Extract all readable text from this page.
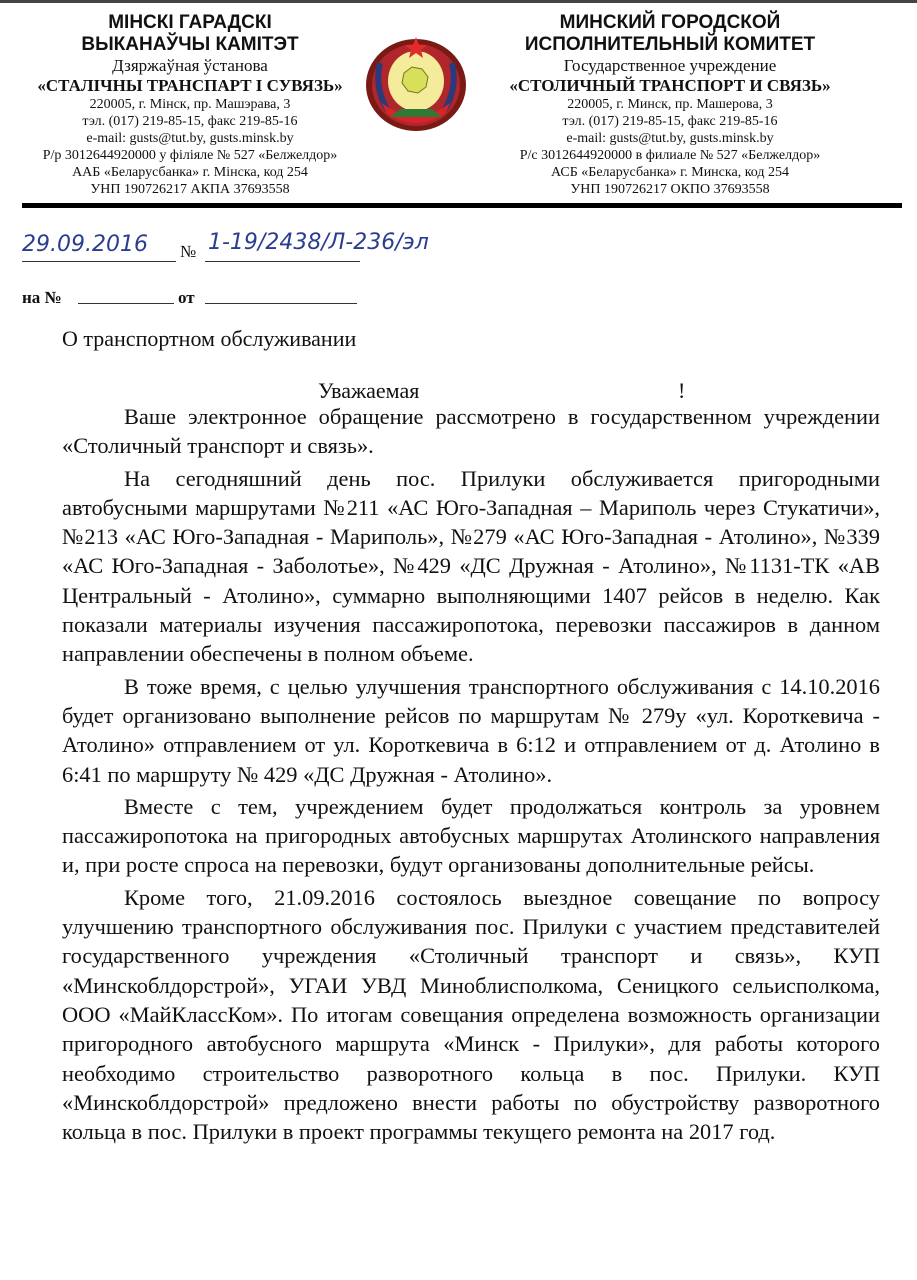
МІНСКІ ГАРАДСКІ
ВЫКАНАЎЧЫ КАМІТЭТ
Дзяржаўная ўстанова
«СТАЛІЧНЫ ТРАНСПАРТ І СУВЯЗЬ»
220005, г. Мінск, пр. Машэрава, 3
тэл. (017) 219-85-15, факс 219-85-16
e-mail: gusts@tut.by, gusts.minsk.by
Р/р 3012644920000 у філіяле № 527 «Белжелдор»
ААБ «Беларусбанка» г. Мінска, код 254
УНП 190726217 АКПА 37693558
МИНСКИЙ ГОРОДСКОЙ
ИСПОЛНИТЕЛЬНЫЙ КОМИТЕТ
Государственное учреждение
«СТОЛИЧНЫЙ ТРАНСПОРТ И СВЯЗЬ»
220005, г. Минск, пр. Машерова, 3
тэл. (017) 219-85-15, факс 219-85-16
e-mail: gusts@tut.by, gusts.minsk.by
Р/с 3012644920000 в филиале № 527 «Белжелдор»
АСБ «Беларусбанка» г. Минска, код 254
УНП 190726217 ОКПО 37693558
29.09.2016 № 1-19/2438/Л-236/эл
на №	от
О транспортном обслуживании
Уважаемая	!

Ваше электронное обращение рассмотрено в государственном учреждении «Столичный транспорт и связь».

На сегодняшний день пос. Прилуки обслуживается пригородными автобусными маршрутами №211 «АС Юго-Западная – Мариполь через Стукатичи», №213 «АС Юго-Западная - Мариполь», №279 «АС Юго-Западная - Атолино», №339 «АС Юго-Западная - Заболотье», №429 «ДС Дружная - Атолино», №1131-ТК «АВ Центральный - Атолино», суммарно выполняющими 1407 рейсов в неделю. Как показали материалы изучения пассажиропотока, перевозки пассажиров в данном направлении обеспечены в полном объеме.

В тоже время, с целью улучшения транспортного обслуживания с 14.10.2016 будет организовано выполнение рейсов по маршрутам № 279у «ул. Короткевича - Атолино» отправлением от ул. Короткевича в 6:12 и отправлением от д. Атолино в 6:41 по маршруту № 429 «ДС Дружная - Атолино».

Вместе с тем, учреждением будет продолжаться контроль за уровнем пассажиропотока на пригородных автобусных маршрутах Атолинского направления и, при росте спроса на перевозки, будут организованы дополнительные рейсы.

Кроме того, 21.09.2016 состоялось выездное совещание по вопросу улучшению транспортного обслуживания пос. Прилуки с участием представителей государственного учреждения «Столичный транспорт и связь», КУП «Минскоблдорстрой», УГАИ УВД Миноблисполкома, Сеницкого сельисполкома, ООО «МайКлассКом». По итогам совещания определена возможность организации пригородного автобусного маршрута «Минск - Прилуки», для работы которого необходимо строительство разворотного кольца в пос. Прилуки. КУП «Минскоблдорстрой» предложено внести работы по обустройству разворотного кольца в пос. Прилуки в проект программы текущего ремонта на 2017 год.
